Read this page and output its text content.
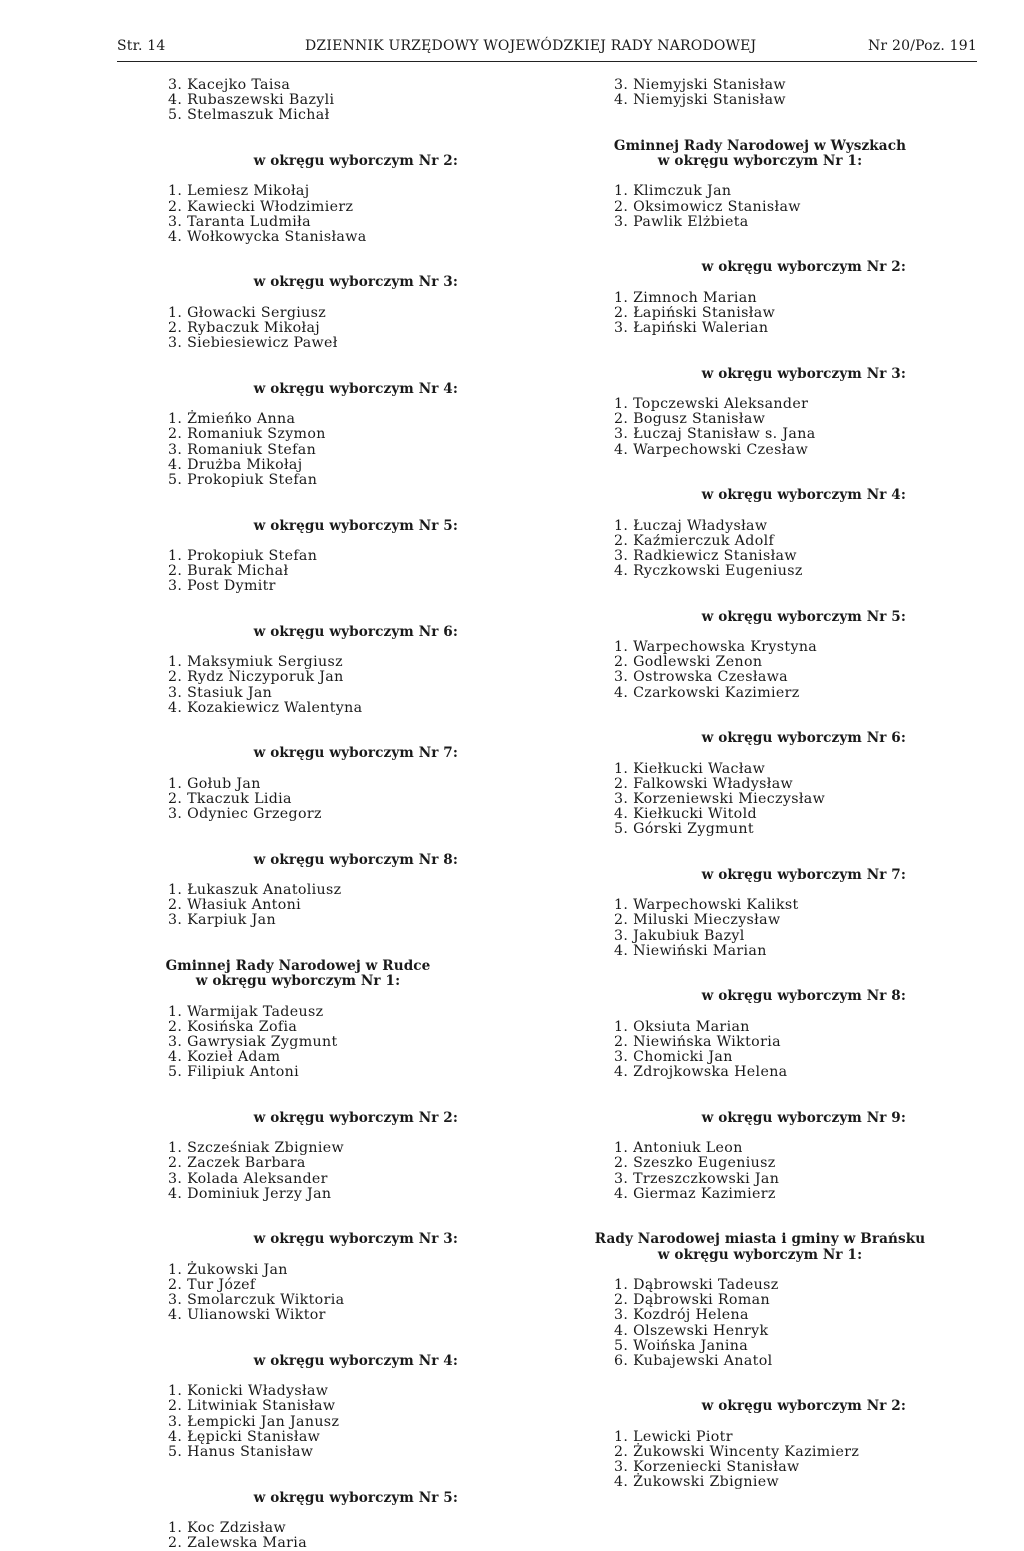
Str. 14	DZIENNIK URZĘDOWY WOJEWÓDZKIEJ RADY NARODOWEJ	Nr 20/Poz. 191
3. Kacejko Taisa
4. Rubaszewski Bazyli
5. Stelmaszuk Michał
w okręgu wyborczym Nr 2:
1. Lemiesz Mikołaj
2. Kawiecki Włodzimierz
3. Taranta Ludmiła
4. Wołkowycka Stanisława
w okręgu wyborczym Nr 3:
1. Głowacki Sergiusz
2. Rybaczuk Mikołaj
3. Siebiesiewicz Paweł
w okręgu wyborczym Nr 4:
1. Żmieńko Anna
2. Romaniuk Szymon
3. Romaniuk Stefan
4. Drużba Mikołaj
5. Prokopiuk Stefan
w okręgu wyborczym Nr 5:
1. Prokopiuk Stefan
2. Burak Michał
3. Post Dymitr
w okręgu wyborczym Nr 6:
1. Maksymiuk Sergiusz
2. Rydz Niczyporuk Jan
3. Stasiuk Jan
4. Kozakiewicz Walentyna
w okręgu wyborczym Nr 7:
1. Gołub Jan
2. Tkaczuk Lidia
3. Odyniec Grzegorz
w okręgu wyborczym Nr 8:
1. Łukaszuk Anatoliusz
2. Własiuk Antoni
3. Karpiuk Jan
Gminnej Rady Narodowej w Rudce
w okręgu wyborczym Nr 1:
1. Warmijak Tadeusz
2. Kosińska Zofia
3. Gawrysiak Zygmunt
4. Kozieł Adam
5. Filipiuk Antoni
w okręgu wyborczym Nr 2:
1. Szcześniak Zbigniew
2. Zaczek Barbara
3. Kolada Aleksander
4. Dominiuk Jerzy Jan
w okręgu wyborczym Nr 3:
1. Żukowski Jan
2. Tur Józef
3. Smolarczuk Wiktoria
4. Ulianowski Wiktor
w okręgu wyborczym Nr 4:
1. Konicki Władysław
2. Litwiniak Stanisław
3. Łempicki Jan Janusz
4. Łępicki Stanisław
5. Hanus Stanisław
w okręgu wyborczym Nr 5:
1. Koc Zdzisław
2. Zalewska Maria
3. Niemyjski Stanisław
4. Niemyjski Stanisław
Gminnej Rady Narodowej w Wyszkach
w okręgu wyborczym Nr 1:
1. Klimczuk Jan
2. Oksimowicz Stanisław
3. Pawlik Elżbieta
w okręgu wyborczym Nr 2:
1. Zimnoch Marian
2. Łapiński Stanisław
3. Łapiński Walerian
w okręgu wyborczym Nr 3:
1. Topczewski Aleksander
2. Bogusz Stanisław
3. Łuczaj Stanisław s. Jana
4. Warpechowski Czesław
w okręgu wyborczym Nr 4:
1. Łuczaj Władysław
2. Kaźmierczuk Adolf
3. Radkiewicz Stanisław
4. Ryczkowski Eugeniusz
w okręgu wyborczym Nr 5:
1. Warpechowska Krystyna
2. Godlewski Zenon
3. Ostrowska Czesława
4. Czarkowski Kazimierz
w okręgu wyborczym Nr 6:
1. Kiełkucki Wacław
2. Falkowski Władysław
3. Korzeniewski Mieczysław
4. Kiełkucki Witold
5. Górski Zygmunt
w okręgu wyborczym Nr 7:
1. Warpechowski Kalikst
2. Miluski Mieczysław
3. Jakubiuk Bazyl
4. Niewiński Marian
w okręgu wyborczym Nr 8:
1. Oksiuta Marian
2. Niewińska Wiktoria
3. Chomicki Jan
4. Zdrojkowska Helena
w okręgu wyborczym Nr 9:
1. Antoniuk Leon
2. Szeszko Eugeniusz
3. Trzeszczkowski Jan
4. Giermaz Kazimierz
Rady Narodowej miasta i gminy w Brańsku
w okręgu wyborczym Nr 1:
1. Dąbrowski Tadeusz
2. Dąbrowski Roman
3. Kozdrój Helena
4. Olszewski Henryk
5. Woińska Janina
6. Kubajewski Anatol
w okręgu wyborczym Nr 2:
1. Lewicki Piotr
2. Żukowski Wincenty Kazimierz
3. Korzeniecki Stanisław
4. Żukowski Zbigniew
